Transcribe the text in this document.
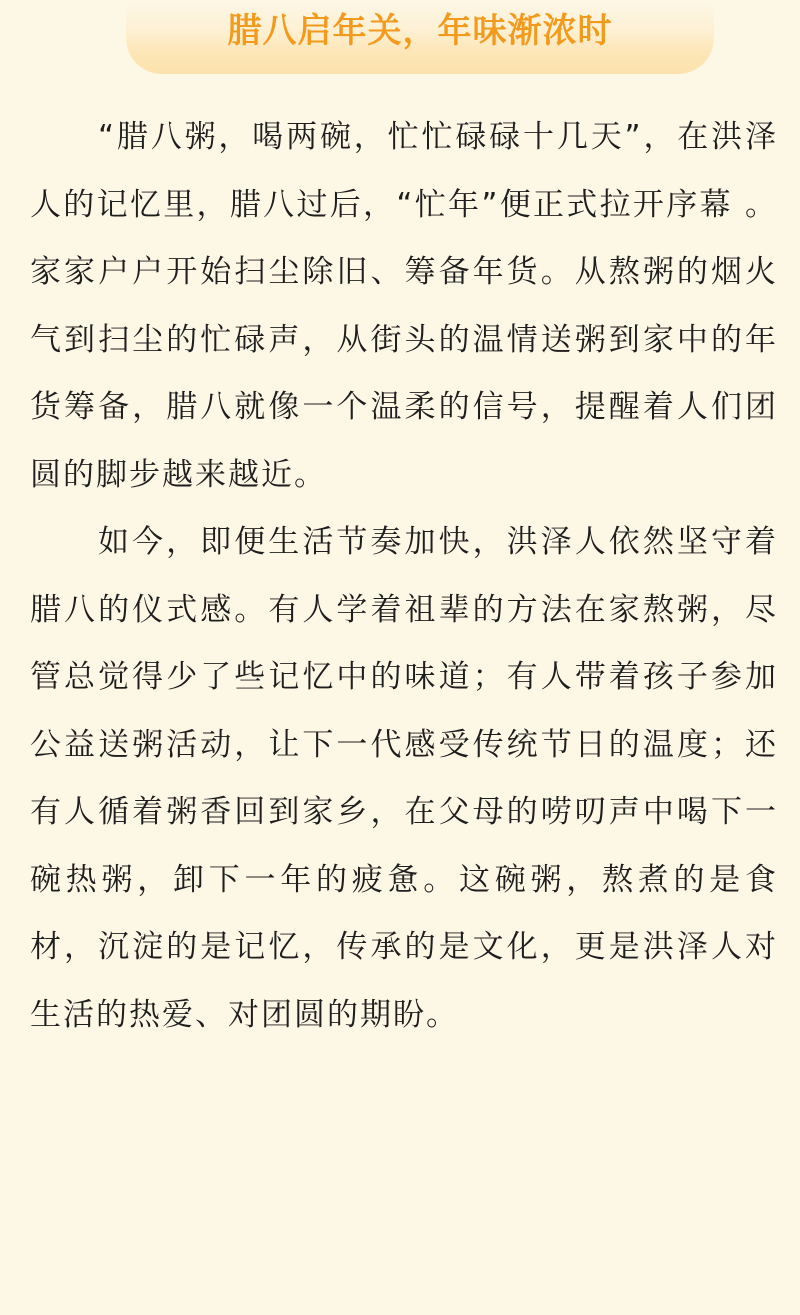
腊八启年关，年味渐浓时

“腊八粥，喝两碗，忙忙碌碌十几天”，在洪泽人的记忆里，腊八过后，“忙年”便正式拉开序幕 。家家户户开始扫尘除旧、筹备年货。从熬粥的烟火气到扫尘的忙碌声，从街头的温情送粥到家中的年货筹备，腊八就像一个温柔的信号，提醒着人们团圆的脚步越来越近。

如今，即便生活节奏加快，洪泽人依然坚守着腊八的仪式感。有人学着祖辈的方法在家熬粥，尽管总觉得少了些记忆中的味道；有人带着孩子参加公益送粥活动，让下一代感受传统节日的温度；还有人循着粥香回到家乡，在父母的唠叨声中喝下一碗热粥，卸下一年的疲惫。这碗粥，熬煮的是食材，沉淀的是记忆，传承的是文化，更是洪泽人对生活的热爱、对团圆的期盼。
